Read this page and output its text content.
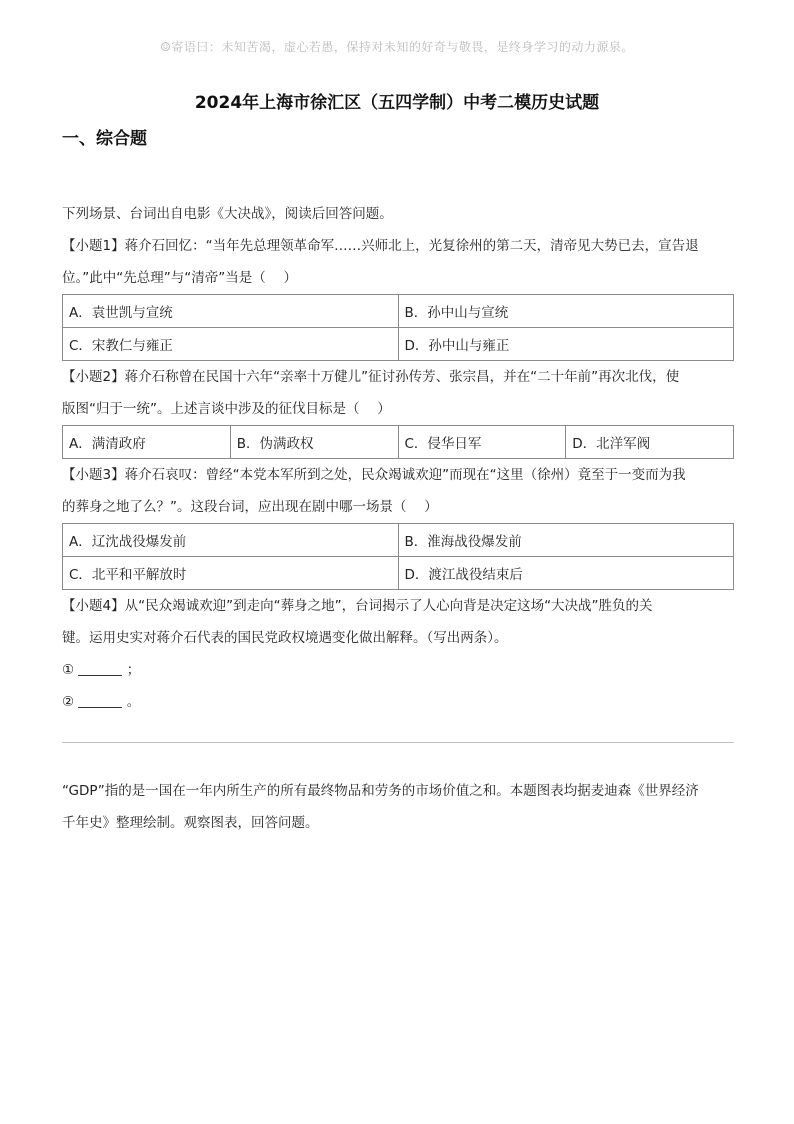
☺寄语曰：未知苦渴，虚心若愚，保持对未知的好奇与敬畏，是终身学习的动力源泉。
2024年上海市徐汇区（五四学制）中考二模历史试题
一、综合题

下列场景、台词出自电影《大决战》，阅读后回答问题。

【小题1】蒋介石回忆：“当年先总理领革命军……兴师北上，光复徐州的第二天，清帝见大势已去，宣告退

位。”此中“先总理”与“清帝”当是（　 ）

A．袁世凯与宣统	B．孙中山与宣统
C．宋教仁与雍正	D．孙中山与雍正

【小题2】蒋介石称曾在民国十六年“亲率十万健儿”征讨孙传芳、张宗昌，并在“二十年前”再次北伐，使

版图“归于一统”。上述言谈中涉及的征伐目标是（　 ）

A．满清政府	B．伪满政权	C．侵华日军	D．北洋军阀

【小题3】蒋介石哀叹：曾经“本党本军所到之处，民众竭诚欢迎”而现在“这里（徐州）竟至于一变而为我

的葬身之地了么？”。这段台词，应出现在剧中哪一场景（　 ）

A．辽沈战役爆发前	B．淮海战役爆发前
C．北平和平解放时	D．渡江战役结束后

【小题4】从“民众竭诚欢迎”到走向“葬身之地”，台词揭示了人心向背是决定这场“大决战”胜负的关

键。运用史实对蒋介石代表的国民党政权境遇变化做出解释。（写出两条）。

①	；

②	。

“GDP”指的是一国在一年内所生产的所有最终物品和劳务的市场价值之和。本题图表均据麦迪森《世界经济

千年史》整理绘制。观察图表，回答问题。
